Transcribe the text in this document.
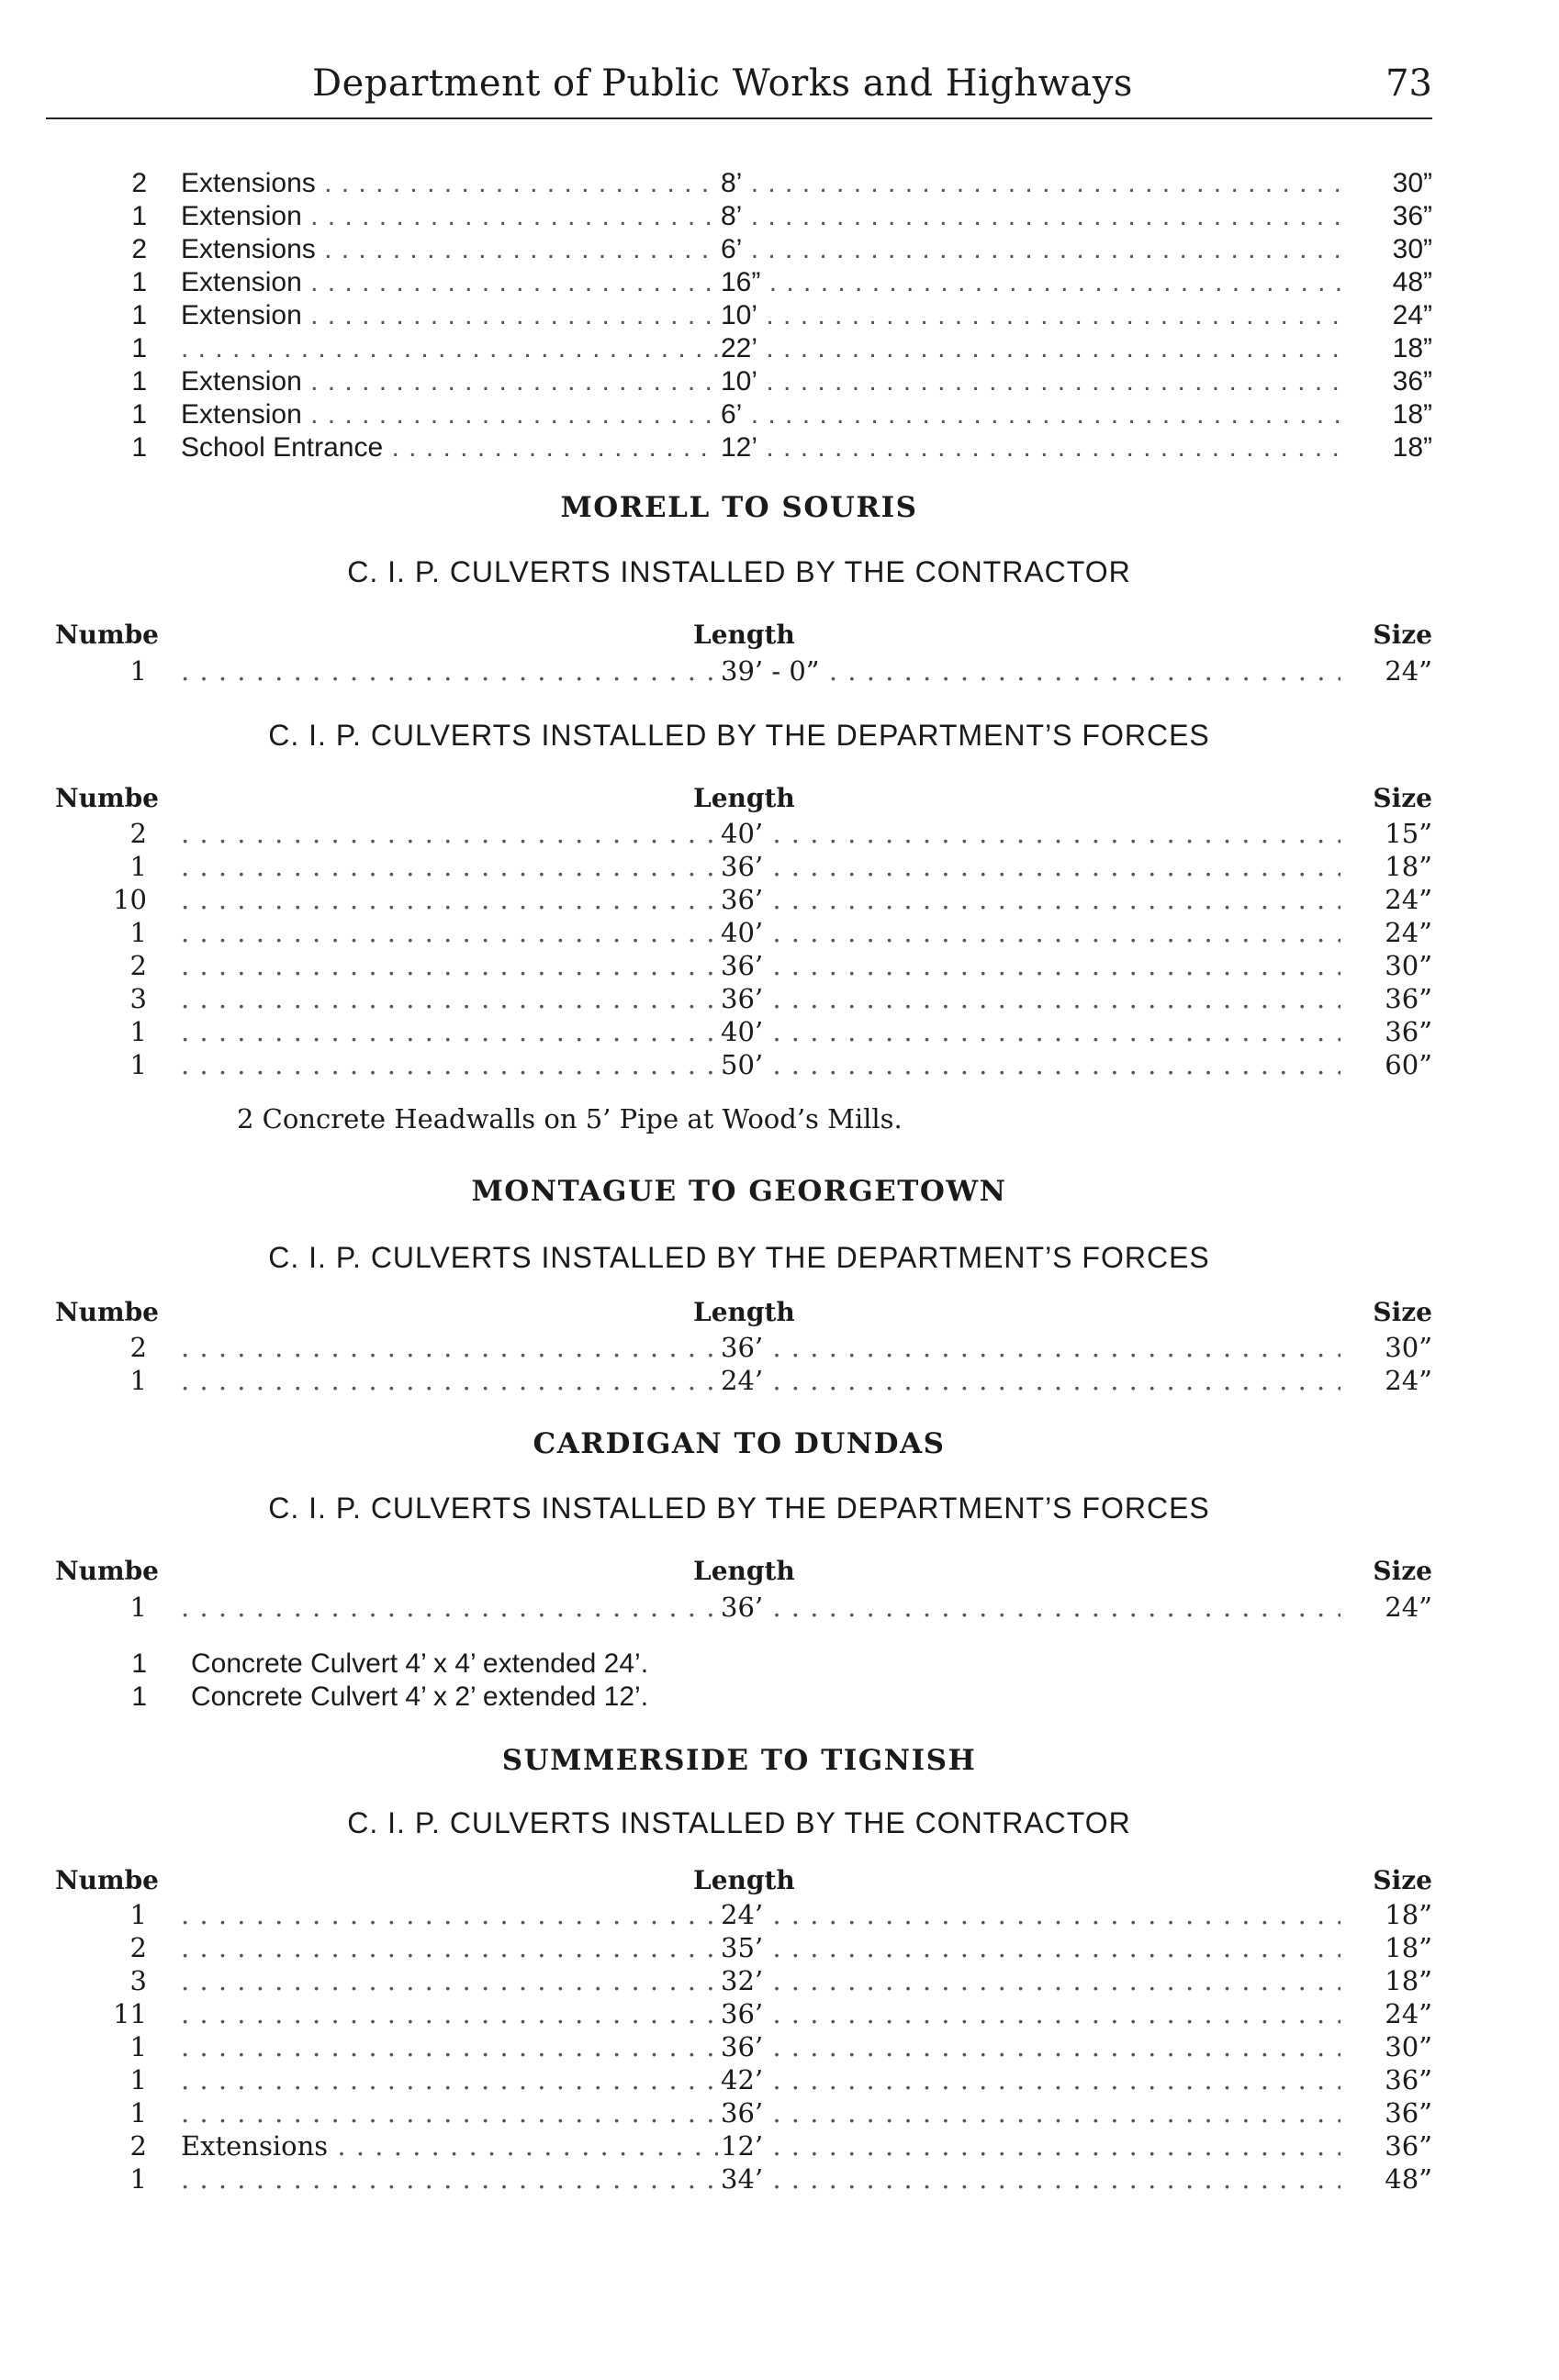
Department of Public Works and Highways	73
2 Extensions . . .	8’ . . .	30”
1 Extension . . .	8’ . . .	36”
2 Extensions . . .	6’ . . .	30”
1 Extension . . .	16” . . .	48”
1 Extension . . .	10’ . . .	24”
1 . . .	22’ . . .	18”
1 Extension . . .	10’ . . .	36”
1 Extension . . .	6’ . . .	18”
1 School Entrance . . .	12’ . . .	18”
MORELL TO SOURIS
C. I. P. CULVERTS INSTALLED BY THE CONTRACTOR
Numbe	Length	Size
1 . . .	39’ - 0” . . .	24”
C. I. P. CULVERTS INSTALLED BY THE DEPARTMENT’S FORCES
Numbe	Length	Size
2 . . .	40’ . . .	15”
1 . . .	36’ . . .	18”
10 . . .	36’ . . .	24”
1 . . .	40’ . . .	24”
2 . . .	36’ . . .	30”
3 . . .	36’ . . .	36”
1 . . .	40’ . . .	36”
1 . . .	50’ . . .	60”
2 Concrete Headwalls on 5’ Pipe at Wood’s Mills.
MONTAGUE TO GEORGETOWN
C. I. P. CULVERTS INSTALLED BY THE DEPARTMENT’S FORCES
Numbe	Length	Size
2 . . .	36’ . . .	30”
1 . . .	24’ . . .	24”
CARDIGAN TO DUNDAS
C. I. P. CULVERTS INSTALLED BY THE DEPARTMENT’S FORCES
Numbe	Length	Size
1 . . .	36’ . . .	24”
1 Concrete Culvert 4’ x 4’ extended 24’.
1 Concrete Culvert 4’ x 2’ extended 12’.
SUMMERSIDE TO TIGNISH
C. I. P. CULVERTS INSTALLED BY THE CONTRACTOR
Numbe	Length	Size
1 . . .	24’ . . .	18”
2 . . .	35’ . . .	18”
3 . . .	32’ . . .	18”
11 . . .	36’ . . .	24”
1 . . .	36’ . . .	30”
1 . . .	42’ . . .	36”
1 . . .	36’ . . .	36”
2 Extensions . . .	12’ . . .	36”
1 . . .	34’ . . .	48”
